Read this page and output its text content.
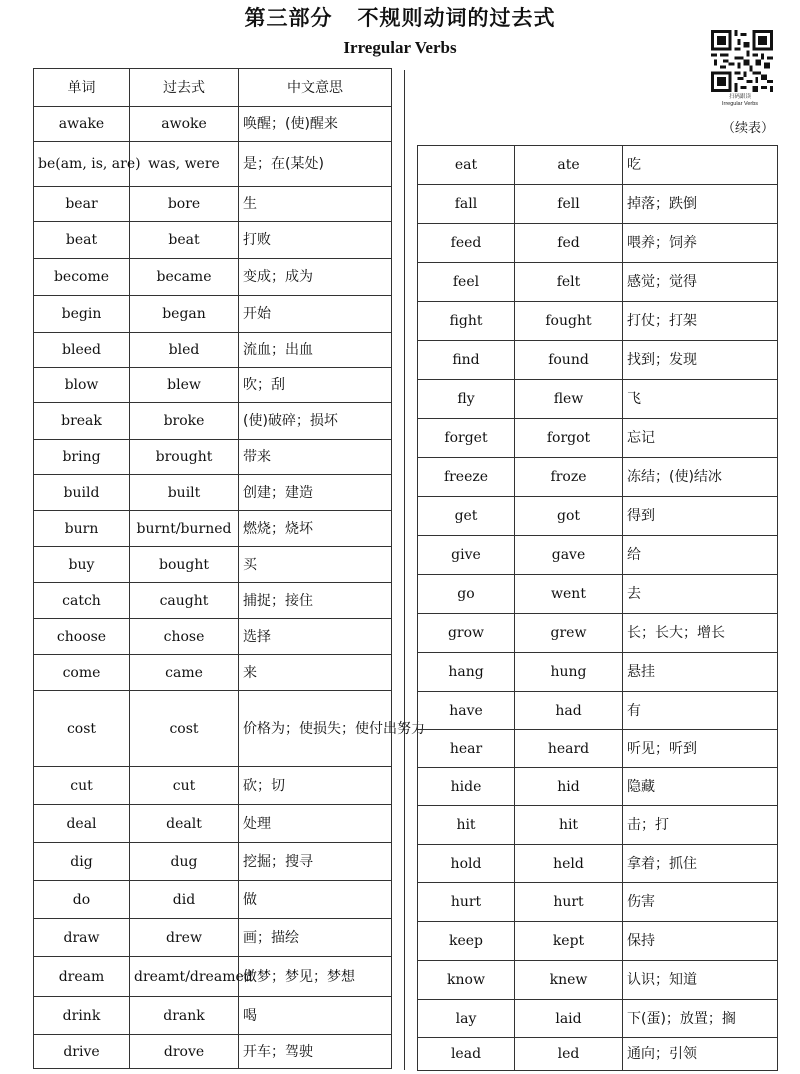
第三部分   不规则动词的过去式
Irregular Verbs
扫码跟读
Irregular Verbs
（续表）
单词	过去式	中文意思
awake	awoke	唤醒；(使)醒来
be(am, is, are)	was, were	是；在(某处)
bear	bore	生
beat	beat	打败
become	became	变成；成为
begin	began	开始
bleed	bled	流血；出血
blow	blew	吹；刮
break	broke	(使)破碎；损坏
bring	brought	带来
build	built	创建；建造
burn	burnt/burned	燃烧；烧坏
buy	bought	买
catch	caught	捕捉；接住
choose	chose	选择
come	came	来
cost	cost	价格为；使损失；使付出努力
cut	cut	砍；切
deal	dealt	处理
dig	dug	挖掘；搜寻
do	did	做
draw	drew	画；描绘
dream	dreamt/dreamed	做梦；梦见；梦想
drink	drank	喝
drive	drove	开车；驾驶
eat	ate	吃
fall	fell	掉落；跌倒
feed	fed	喂养；饲养
feel	felt	感觉；觉得
fight	fought	打仗；打架
find	found	找到；发现
fly	flew	飞
forget	forgot	忘记
freeze	froze	冻结；(使)结冰
get	got	得到
give	gave	给
go	went	去
grow	grew	长；长大；增长
hang	hung	悬挂
have	had	有
hear	heard	听见；听到
hide	hid	隐藏
hit	hit	击；打
hold	held	拿着；抓住
hurt	hurt	伤害
keep	kept	保持
know	knew	认识；知道
lay	laid	下(蛋)；放置；搁
lead	led	通向；引领
